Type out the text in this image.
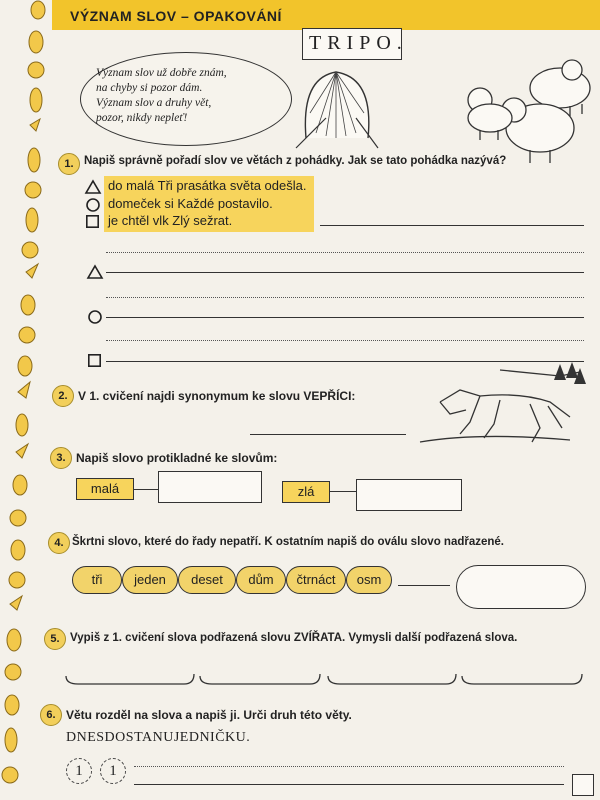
VÝZNAM SLOV – OPAKOVÁNÍ
TRIPO.
Význam slov už dobře znám,
na chyby si pozor dám.
Význam slov a druhy vět,
pozor, nikdy nepleť!
1. Napiš správně pořadí slov ve větách z pohádky. Jak se tato pohádka nazývá?
do malá Tři prasátka světa odešla.
domeček si Každé postavilo.
je chtěl vlk Zlý sežrat.
2. V 1. cvičení najdi synonymum ke slovu VEPŘÍCI:
3. Napiš slovo protikladné ke slovům:
malá	zlá
4. Škrtni slovo, které do řady nepatří. K ostatním napiš do oválu slovo nadřazené.
tři	jeden	deset	dům	čtrnáct	osm
5. Vypiš z 1. cvičení slova podřazená slovu ZVÍŘATA. Vymysli další podřazená slova.
6. Větu rozděl na slova a napiš ji. Urči druh této věty.
DNESDOSTANUJEDNIČKU.
1	1
